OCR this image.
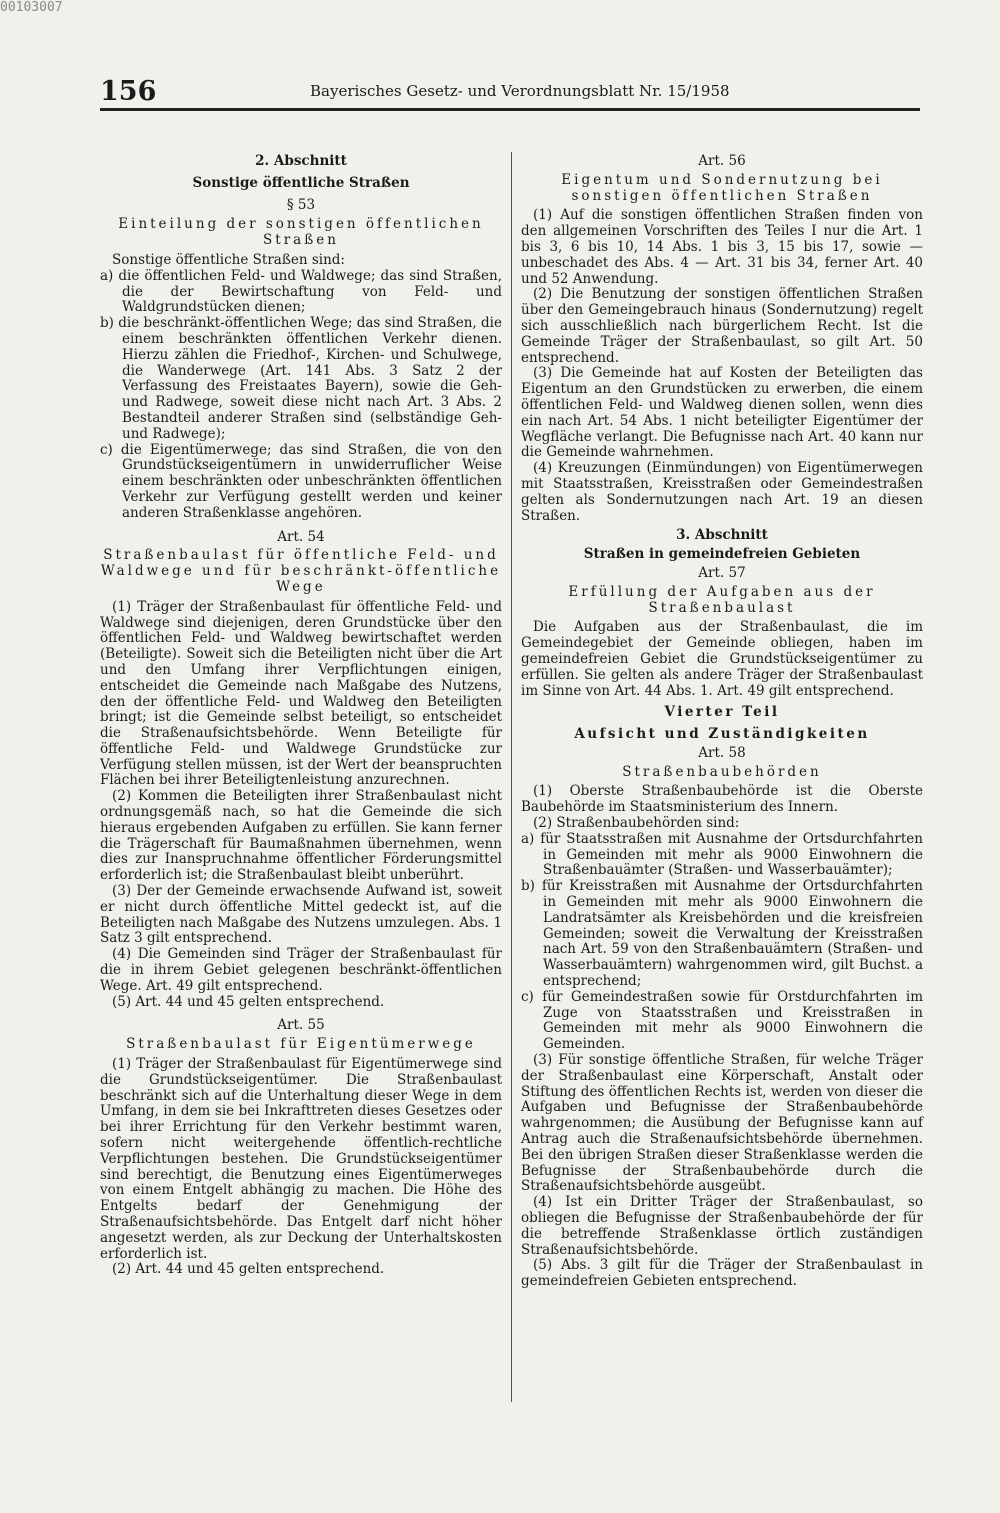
00103007
156	Bayerisches Gesetz- und Verordnungsblatt Nr. 15/1958

2. Abschnitt

Sonstige öffentliche Straßen

§ 53

Einteilung der sonstigen öffentlichen Straßen

Sonstige öffentliche Straßen sind:

a) die öffentlichen Feld- und Waldwege; das sind Straßen, die der Bewirtschaftung von Feld- und Waldgrundstücken dienen;

b) die beschränkt-öffentlichen Wege; das sind Straßen, die einem beschränkten öffentlichen Verkehr dienen. Hierzu zählen die Friedhof-, Kirchen- und Schulwege, die Wanderwege (Art. 141 Abs. 3 Satz 2 der Verfassung des Freistaates Bayern), sowie die Geh- und Radwege, soweit diese nicht nach Art. 3 Abs. 2 Bestandteil anderer Straßen sind (selbständige Geh- und Radwege);

c) die Eigentümerwege; das sind Straßen, die von den Grundstückseigentümern in unwiderruflicher Weise einem beschränkten oder unbeschränkten öffentlichen Verkehr zur Verfügung gestellt werden und keiner anderen Straßenklasse angehören.

Art. 54

Straßenbaulast für öffentliche Feld- und Waldwege und für beschränkt-öffentliche Wege

(1) Träger der Straßenbaulast für öffentliche Feld- und Waldwege sind diejenigen, deren Grundstücke über den öffentlichen Feld- und Waldweg bewirtschaftet werden (Beteiligte). Soweit sich die Beteiligten nicht über die Art und den Umfang ihrer Verpflichtungen einigen, entscheidet die Gemeinde nach Maßgabe des Nutzens, den der öffentliche Feld- und Waldweg den Beteiligten bringt; ist die Gemeinde selbst beteiligt, so entscheidet die Straßenaufsichtsbehörde. Wenn Beteiligte für öffentliche Feld- und Waldwege Grundstücke zur Verfügung stellen müssen, ist der Wert der beanspruchten Flächen bei ihrer Beteiligtenleistung anzurechnen.

(2) Kommen die Beteiligten ihrer Straßenbaulast nicht ordnungsgemäß nach, so hat die Gemeinde die sich hieraus ergebenden Aufgaben zu erfüllen. Sie kann ferner die Trägerschaft für Baumaßnahmen übernehmen, wenn dies zur Inanspruchnahme öffentlicher Förderungsmittel erforderlich ist; die Straßenbaulast bleibt unberührt.

(3) Der der Gemeinde erwachsende Aufwand ist, soweit er nicht durch öffentliche Mittel gedeckt ist, auf die Beteiligten nach Maßgabe des Nutzens umzulegen. Abs. 1 Satz 3 gilt entsprechend.

(4) Die Gemeinden sind Träger der Straßenbaulast für die in ihrem Gebiet gelegenen beschränkt-öffentlichen Wege. Art. 49 gilt entsprechend.

(5) Art. 44 und 45 gelten entsprechend.

Art. 55

Straßenbaulast für Eigentümerwege

(1) Träger der Straßenbaulast für Eigentümerwege sind die Grundstückseigentümer. Die Straßenbaulast beschränkt sich auf die Unterhaltung dieser Wege in dem Umfang, in dem sie bei Inkrafttreten dieses Gesetzes oder bei ihrer Errichtung für den Verkehr bestimmt waren, sofern nicht weitergehende öffentlich-rechtliche Verpflichtungen bestehen. Die Grundstückseigentümer sind berechtigt, die Benutzung eines Eigentümerweges von einem Entgelt abhängig zu machen. Die Höhe des Entgelts bedarf der Genehmigung der Straßenaufsichtsbehörde. Das Entgelt darf nicht höher angesetzt werden, als zur Deckung der Unterhaltskosten erforderlich ist.

(2) Art. 44 und 45 gelten entsprechend.

Art. 56

Eigentum und Sondernutzung bei sonstigen öffentlichen Straßen

(1) Auf die sonstigen öffentlichen Straßen finden von den allgemeinen Vorschriften des Teiles I nur die Art. 1 bis 3, 6 bis 10, 14 Abs. 1 bis 3, 15 bis 17, sowie — unbeschadet des Abs. 4 — Art. 31 bis 34, ferner Art. 40 und 52 Anwendung.

(2) Die Benutzung der sonstigen öffentlichen Straßen über den Gemeingebrauch hinaus (Sondernutzung) regelt sich ausschließlich nach bürgerlichem Recht. Ist die Gemeinde Träger der Straßenbaulast, so gilt Art. 50 entsprechend.

(3) Die Gemeinde hat auf Kosten der Beteiligten das Eigentum an den Grundstücken zu erwerben, die einem öffentlichen Feld- und Waldweg dienen sollen, wenn dies ein nach Art. 54 Abs. 1 nicht beteiligter Eigentümer der Wegfläche verlangt. Die Befugnisse nach Art. 40 kann nur die Gemeinde wahrnehmen.

(4) Kreuzungen (Einmündungen) von Eigentümerwegen mit Staatsstraßen, Kreisstraßen oder Gemeindestraßen gelten als Sondernutzungen nach Art. 19 an diesen Straßen.

3. Abschnitt

Straßen in gemeindefreien Gebieten

Art. 57

Erfüllung der Aufgaben aus der Straßenbaulast

Die Aufgaben aus der Straßenbaulast, die im Gemeindegebiet der Gemeinde obliegen, haben im gemeindefreien Gebiet die Grundstückseigentümer zu erfüllen. Sie gelten als andere Träger der Straßenbaulast im Sinne von Art. 44 Abs. 1. Art. 49 gilt entsprechend.

Vierter Teil

Aufsicht und Zuständigkeiten

Art. 58

Straßenbaubehörden

(1) Oberste Straßenbaubehörde ist die Oberste Baubehörde im Staatsministerium des Innern.

(2) Straßenbaubehörden sind:

a) für Staatsstraßen mit Ausnahme der Ortsdurchfahrten in Gemeinden mit mehr als 9000 Einwohnern die Straßenbauämter (Straßen- und Wasserbauämter);

b) für Kreisstraßen mit Ausnahme der Ortsdurchfahrten in Gemeinden mit mehr als 9000 Einwohnern die Landratsämter als Kreisbehörden und die kreisfreien Gemeinden; soweit die Verwaltung der Kreisstraßen nach Art. 59 von den Straßenbauämtern (Straßen- und Wasserbauämtern) wahrgenommen wird, gilt Buchst. a entsprechend;

c) für Gemeindestraßen sowie für Orstdurchfahrten im Zuge von Staatsstraßen und Kreisstraßen in Gemeinden mit mehr als 9000 Einwohnern die Gemeinden.

(3) Für sonstige öffentliche Straßen, für welche Träger der Straßenbaulast eine Körperschaft, Anstalt oder Stiftung des öffentlichen Rechts ist, werden von dieser die Aufgaben und Befugnisse der Straßenbaubehörde wahrgenommen; die Ausübung der Befugnisse kann auf Antrag auch die Straßenaufsichtsbehörde übernehmen. Bei den übrigen Straßen dieser Straßenklasse werden die Befugnisse der Straßenbaubehörde durch die Straßenaufsichtsbehörde ausgeübt.

(4) Ist ein Dritter Träger der Straßenbaulast, so obliegen die Befugnisse der Straßenbaubehörde der für die betreffende Straßenklasse örtlich zuständigen Straßenaufsichtsbehörde.

(5) Abs. 3 gilt für die Träger der Straßenbaulast in gemeindefreien Gebieten entsprechend.
